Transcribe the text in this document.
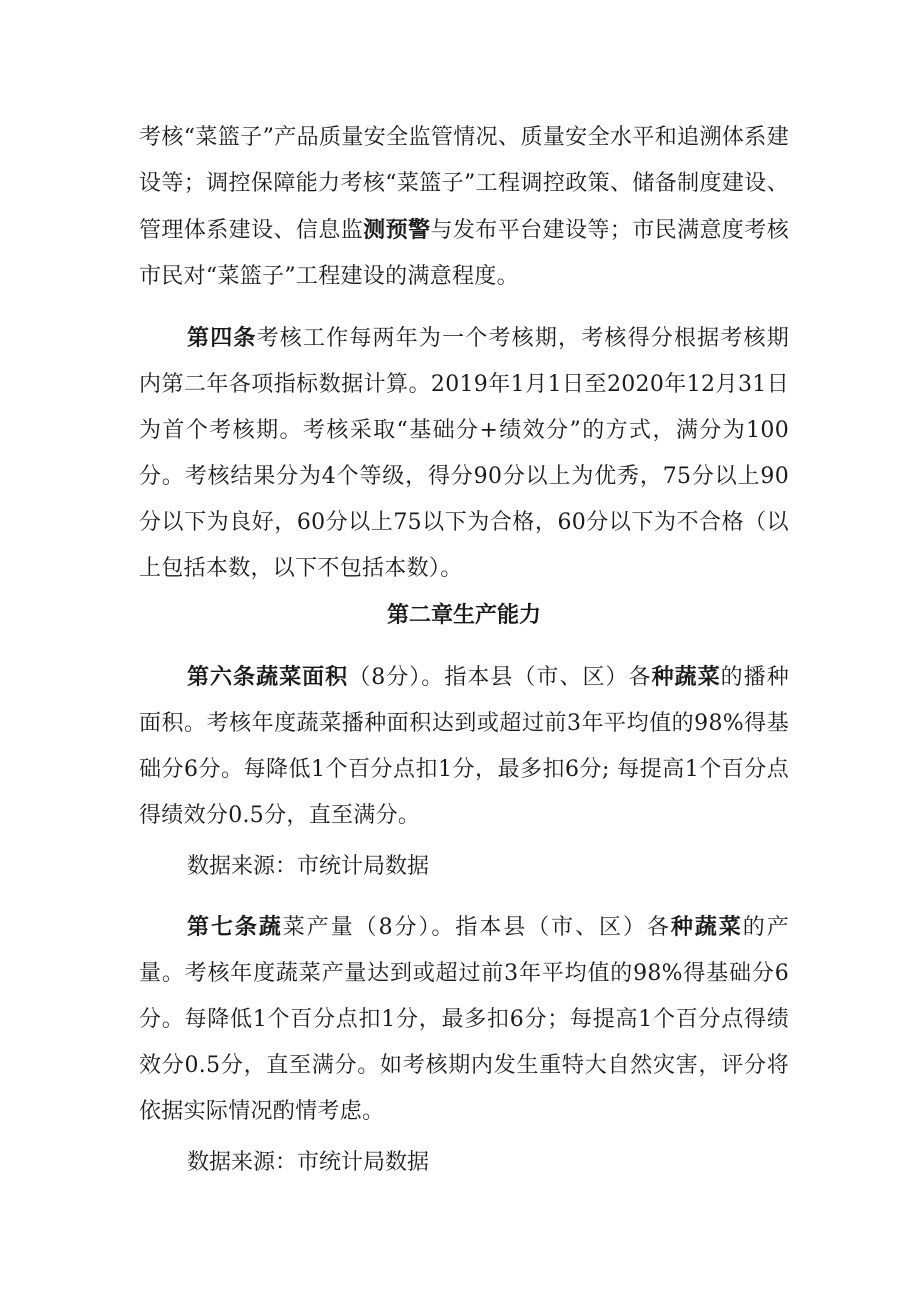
考核“菜篮子”产品质量安全监管情况、质量安全水平和追溯体系建设等；调控保障能力考核“菜篮子”工程调控政策、储备制度建设、管理体系建设、信息监测预警与发布平台建设等；市民满意度考核市民对“菜篮子”工程建设的满意程度。

第四条考核工作每两年为一个考核期，考核得分根据考核期内第二年各项指标数据计算。2019年1月1日至2020年12月31日为首个考核期。考核采取“基础分+绩效分”的方式，满分为100分。考核结果分为4个等级，得分90分以上为优秀，75分以上90分以下为良好，60分以上75以下为合格，60分以下为不合格（以上包括本数，以下不包括本数）。

第二章生产能力

第六条蔬菜面积（8分）。指本县（市、区）各种蔬菜的播种面积。考核年度蔬菜播种面积达到或超过前3年平均值的98%得基础分6分。每降低1个百分点扣1分，最多扣6分; 每提高1个百分点得绩效分0.5分，直至满分。

数据来源：市统计局数据

第七条蔬菜产量（8分）。指本县（市、区）各种蔬菜的产量。考核年度蔬菜产量达到或超过前3年平均值的98%得基础分6分。每降低1个百分点扣1分，最多扣6分；每提高1个百分点得绩效分0.5分，直至满分。如考核期内发生重特大自然灾害，评分将依据实际情况酌情考虑。

数据来源：市统计局数据
